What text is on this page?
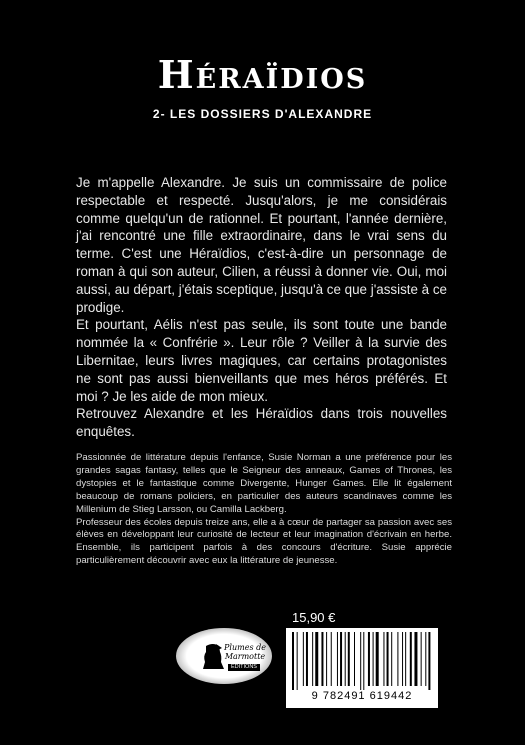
Héraïdios
2- LES DOSSIERS D'ALEXANDRE

Je m'appelle Alexandre. Je suis un commissaire de police respectable et respecté. Jusqu'alors, je me considérais comme quelqu'un de rationnel. Et pourtant, l'année dernière, j'ai rencontré une fille extraordinaire, dans le vrai sens du terme. C'est une Héraïdios, c'est-à-dire un personnage de roman à qui son auteur, Cilien, a réussi à donner vie. Oui, moi aussi, au départ, j'étais sceptique, jusqu'à ce que j'assiste à ce prodige.

Et pourtant, Aélis n'est pas seule, ils sont toute une bande nommée la « Confrérie ». Leur rôle ? Veiller à la survie des Libernitae, leurs livres magiques, car certains protagonistes ne sont pas aussi bienveillants que mes héros préférés. Et moi ? Je les aide de mon mieux.

Retrouvez Alexandre et les Héraïdios dans trois nouvelles enquêtes.

Passionnée de littérature depuis l'enfance, Susie Norman a une préférence pour les grandes sagas fantasy, telles que le Seigneur des anneaux, Games of Thrones, les dystopies et le fantastique comme Divergente, Hunger Games. Elle lit également beaucoup de romans policiers, en particulier des auteurs scandinaves comme les Millenium de Stieg Larsson, ou Camilla Lackberg.

Professeur des écoles depuis treize ans, elle a à cœur de partager sa passion avec ses élèves en développant leur curiosité de lecteur et leur imagination d'écrivain en herbe. Ensemble, ils participent parfois à des concours d'écriture. Susie apprécie particulièrement découvrir avec eux la littérature de jeunesse.

15,90 €
Plumes de
Marmotte
ÉDITIONS
9 782491 619442
